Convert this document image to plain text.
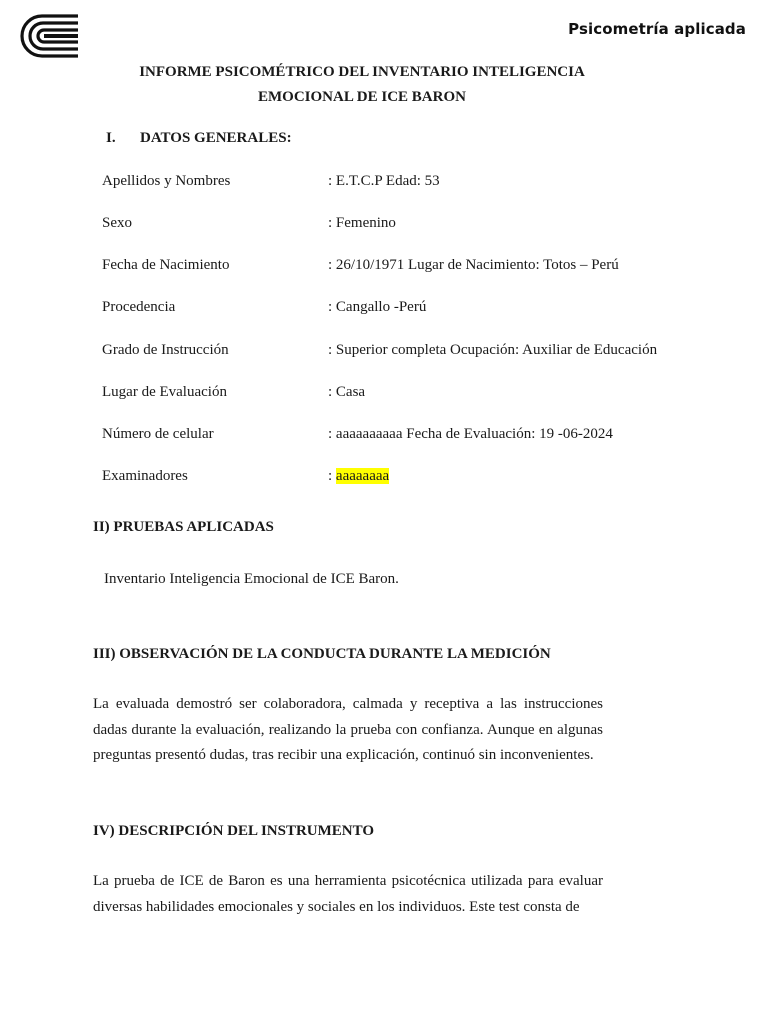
Psicometría aplicada
INFORME PSICOMÉTRICO DEL INVENTARIO INTELIGENCIA
EMOCIONAL DE ICE BARON
I. DATOS GENERALES:
Apellidos y Nombres	: E.T.C.P Edad: 53
Sexo	: Femenino
Fecha de Nacimiento	: 26/10/1971 Lugar de Nacimiento: Totos – Perú
Procedencia	: Cangallo -Perú
Grado de Instrucción	: Superior completa Ocupación: Auxiliar de Educación
Lugar de Evaluación	: Casa
Número de celular	: aaaaaaaaaa Fecha de Evaluación: 19 -06-2024
Examinadores	: aaaaaaaa
II) PRUEBAS APLICADAS
Inventario Inteligencia Emocional de ICE Baron.
III) OBSERVACIÓN DE LA CONDUCTA DURANTE LA MEDICIÓN

La evaluada demostró ser colaboradora, calmada y receptiva a las instrucciones dadas durante la evaluación, realizando la prueba con confianza. Aunque en algunas preguntas presentó dudas, tras recibir una explicación, continuó sin inconvenientes.

IV) DESCRIPCIÓN DEL INSTRUMENTO

La prueba de ICE de Baron es una herramienta psicotécnica utilizada para evaluar diversas habilidades emocionales y sociales en los individuos. Este test consta de
